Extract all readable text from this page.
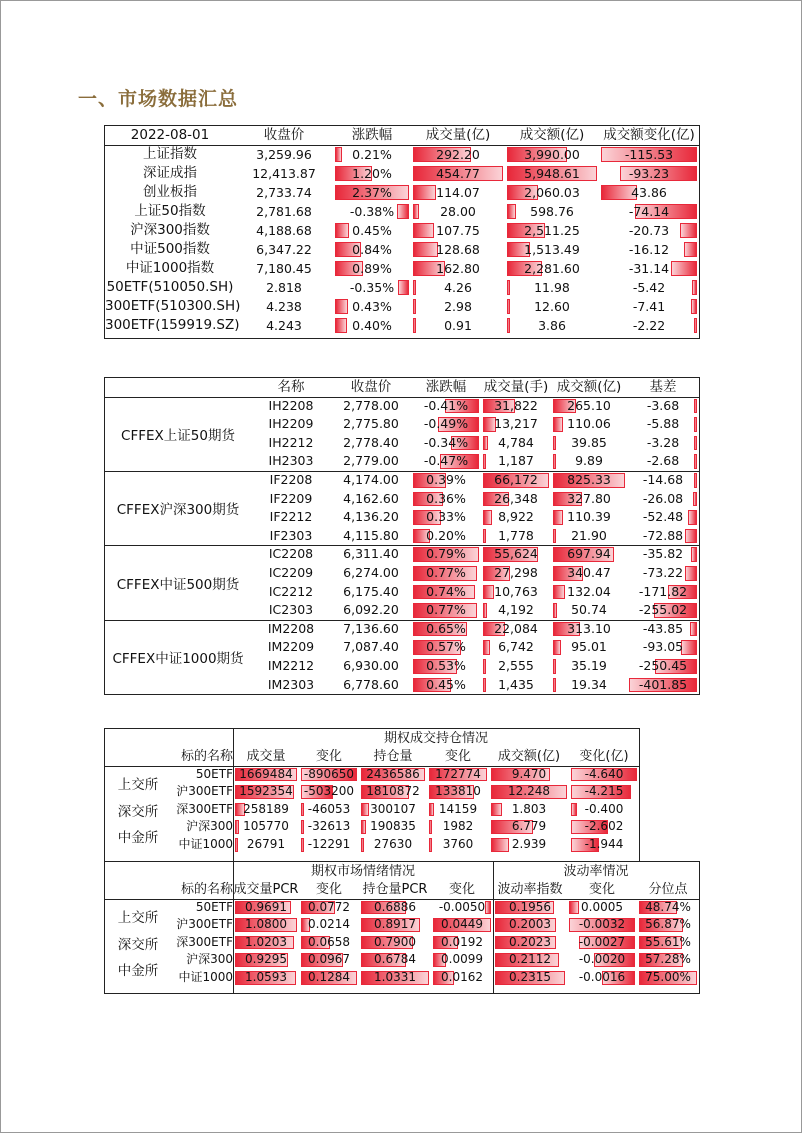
一、市场数据汇总
2022-08-01	收盘价	涨跌幅	成交量(亿)	成交额(亿)	成交额变化(亿)
上证指数	3,259.96	0.21%	292.20	3,990.00	-115.53
深证成指	12,413.87	1.20%	454.77	5,948.61	-93.23
创业板指	2,733.74	2.37%	114.07	2,060.03	43.86
上证50指数	2,781.68	-0.38%	28.00	598.76	-74.14
沪深300指数	4,188.68	0.45%	107.75	2,511.25	-20.73
中证500指数	6,347.22	0.84%	128.68	1,513.49	-16.12
中证1000指数	7,180.45	0.89%	162.80	2,281.60	-31.14
50ETF(510050.SH)	2.818	-0.35%	4.26	11.98	-5.42
300ETF(510300.SH)	4.238	0.43%	2.98	12.60	-7.41
300ETF(159919.SZ)	4.243	0.40%	0.91	3.86	-2.22
名称	收盘价	涨跌幅	成交量(手) 成交额(亿)	基差
CFFEX上证50期货
IH2208	2,778.00	-0.41%	31,822	265.10	-3.68
IH2209	2,775.80	-0.49%	13,217	110.06	-5.88
IH2212	2,778.40	-0.34%	4,784	39.85	-3.28
IH2303	2,779.00	-0.47%	1,187	9.89	-2.68
CFFEX沪深300期货
IF2208	4,174.00	0.39%	66,172	825.33	-14.68
IF2209	4,162.60	0.36%	26,348	327.80	-26.08
IF2212	4,136.20	0.33%	8,922	110.39	-52.48
IF2303	4,115.80	0.20%	1,778	21.90	-72.88
CFFEX中证500期货
IC2208	6,311.40	0.79%	55,624	697.94	-35.82
IC2209	6,274.00	0.77%	27,298	340.47	-73.22
IC2212	6,175.40	0.74%	10,763	132.04	-171.82
IC2303	6,092.20	0.77%	4,192	50.74	-255.02
CFFEX中证1000期货
IM2208	7,136.60	0.65%	22,084	313.10	-43.85
IM2209	7,087.40	0.57%	6,742	95.01	-93.05
IM2212	6,930.00	0.53%	2,555	35.19	-250.45
IM2303	6,778.60	0.45%	1,435	19.34	-401.85
期权成交持仓情况
标的名称	成交量	变化	持仓量	变化	成交额(亿)	变化(亿)
上交所
深交所
中金所
50ETF 1669484 -890650	2436586	172774	9.470	-4.640
沪300ETF 1592354 -503200	1810872	133810	12.248	-4.215
深300ETF 258189	-46053	300107	14159	1.803	-0.400
沪深300 105770	-32613	190835	1982	6.779	-2.602
中证1000	26791	-12291	27630	3760	2.939	-1.944
期权市场情绪情况	波动率情况
标的名称 成交量PCR	变化	持仓量PCR	变化	波动率指数	变化	分位点
上交所
深交所
中金所
50ETF	0.9691	0.0772	0.6886	-0.0050	0.1956	0.0005	48.74%
沪300ETF	1.0800	0.0214	0.8917	0.0449	0.2003	-0.0032	56.87%
深300ETF	1.0203	0.0658	0.7900	0.0192	0.2023	-0.0027	55.61%
沪深300	0.9295	0.0967	0.6784	0.0099	0.2112	-0.0020	57.28%
中证1000	1.0593	0.1284	1.0331	0.0162	0.2315	-0.0016	75.00%
